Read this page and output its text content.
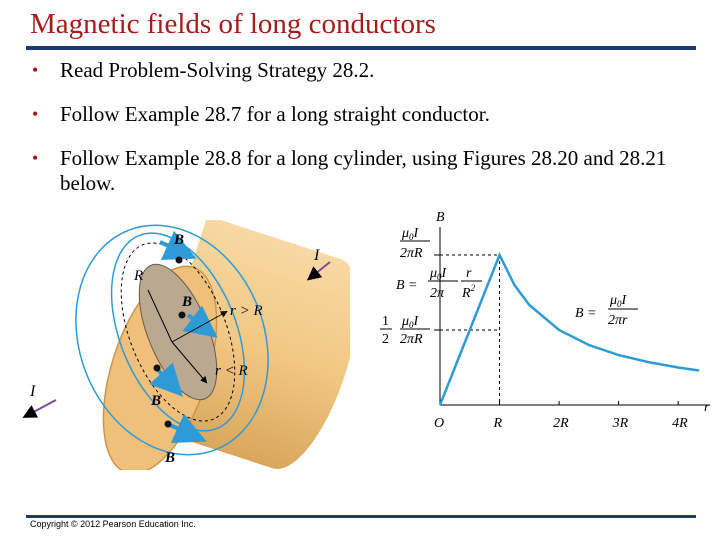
Magnetic fields of long conductors
• Read Problem-Solving Strategy 28.2.
• Follow Example 28.7 for a long straight conductor.
• Follow Example 28.8 for a long cylinder, using Figures 28.20 and 28.21 below.
I
I
B
B
B
B
R
r > R
r < R
O	R	2R	3R	4R
$\mu_0I$
2πR
1
2
$\mu_0I$
2πR
B =
$\mu_0I$
2π
r
$R^2$
B =
$\mu_0I$
2πr
B
r
Copyright © 2012 Pearson Education Inc.
